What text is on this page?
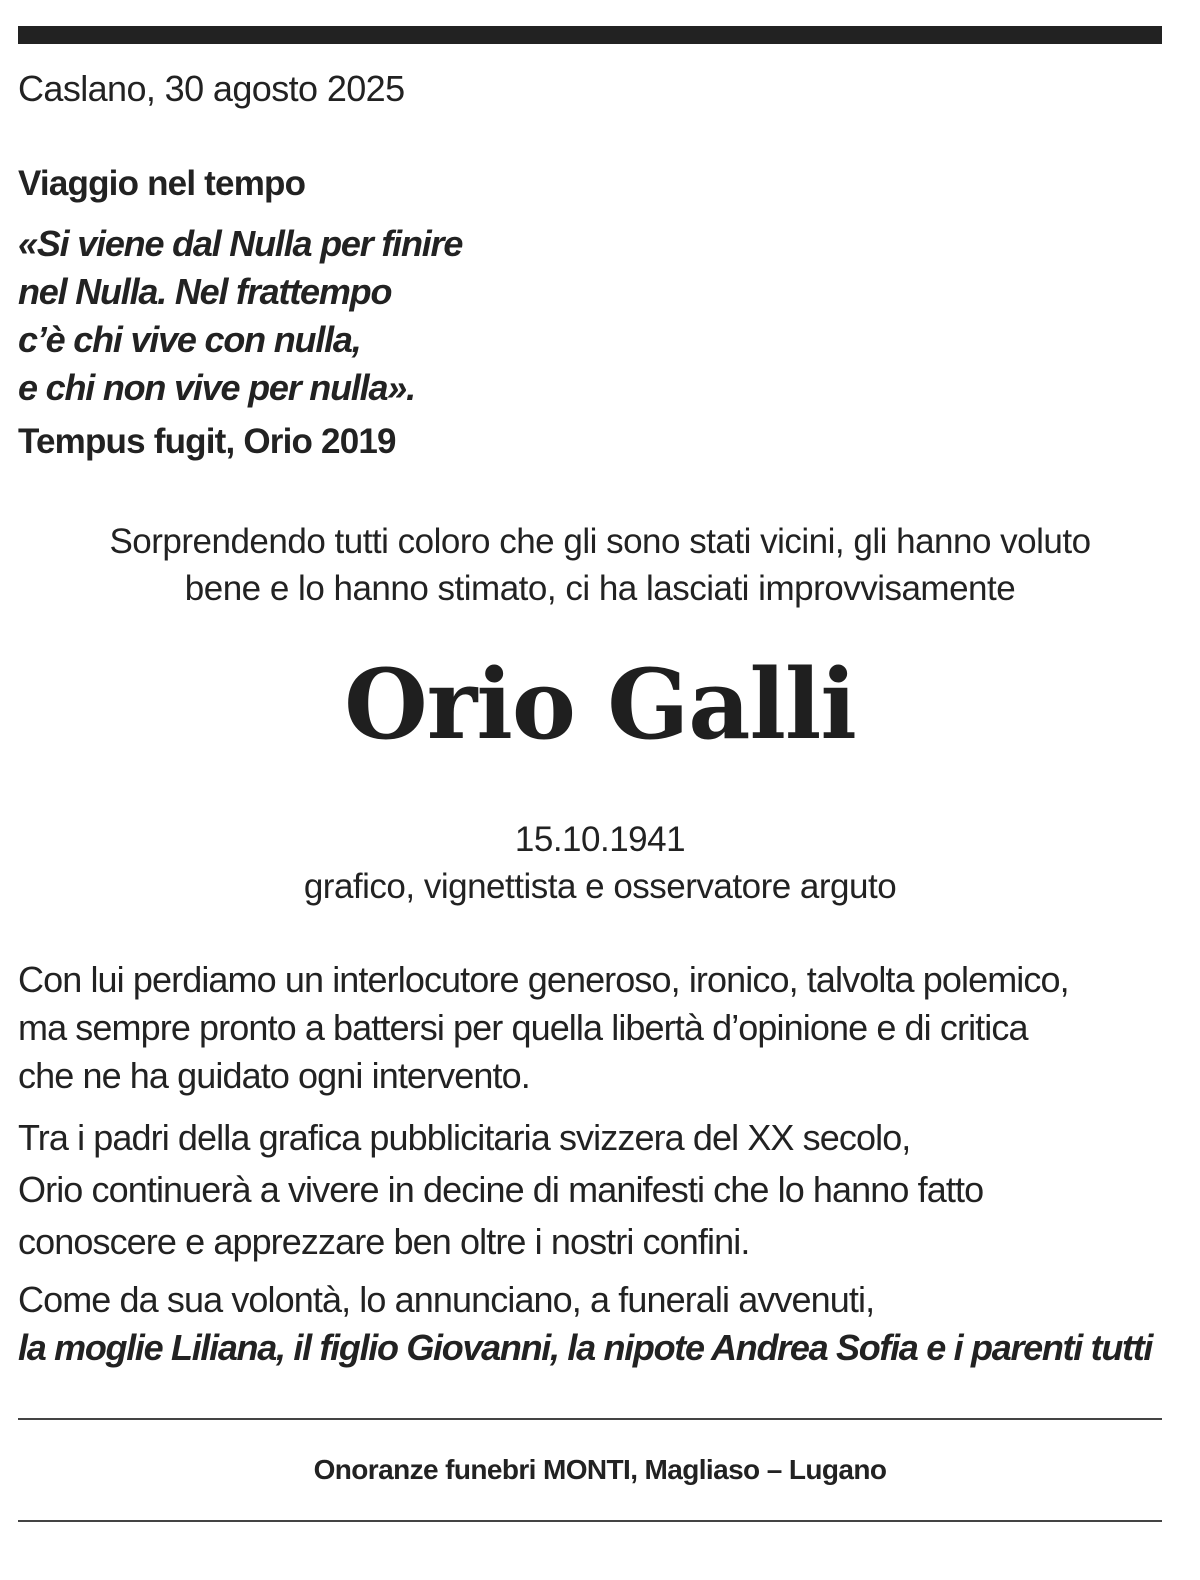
Caslano, 30 agosto 2025
Viaggio nel tempo
«Si viene dal Nulla per finire
nel Nulla. Nel frattempo
c’è chi vive con nulla,
e chi non vive per nulla».
Tempus fugit, Orio 2019
Sorprendendo tutti coloro che gli sono stati vicini, gli hanno voluto
bene e lo hanno stimato, ci ha lasciati improvvisamente
Orio Galli
15.10.1941
grafico, vignettista e osservatore arguto

Con lui perdiamo un interlocutore generoso, ironico, talvolta polemico,
ma sempre pronto a battersi per quella libertà d’opinione e di critica
che ne ha guidato ogni intervento.

Tra i padri della grafica pubblicitaria svizzera del XX secolo,
Orio continuerà a vivere in decine di manifesti che lo hanno fatto
conoscere e apprezzare ben oltre i nostri confini.

Come da sua volontà, lo annunciano, a funerali avvenuti,
la moglie Liliana, il figlio Giovanni, la nipote Andrea Sofia e i parenti tutti

Onoranze funebri MONTI, Magliaso – Lugano
